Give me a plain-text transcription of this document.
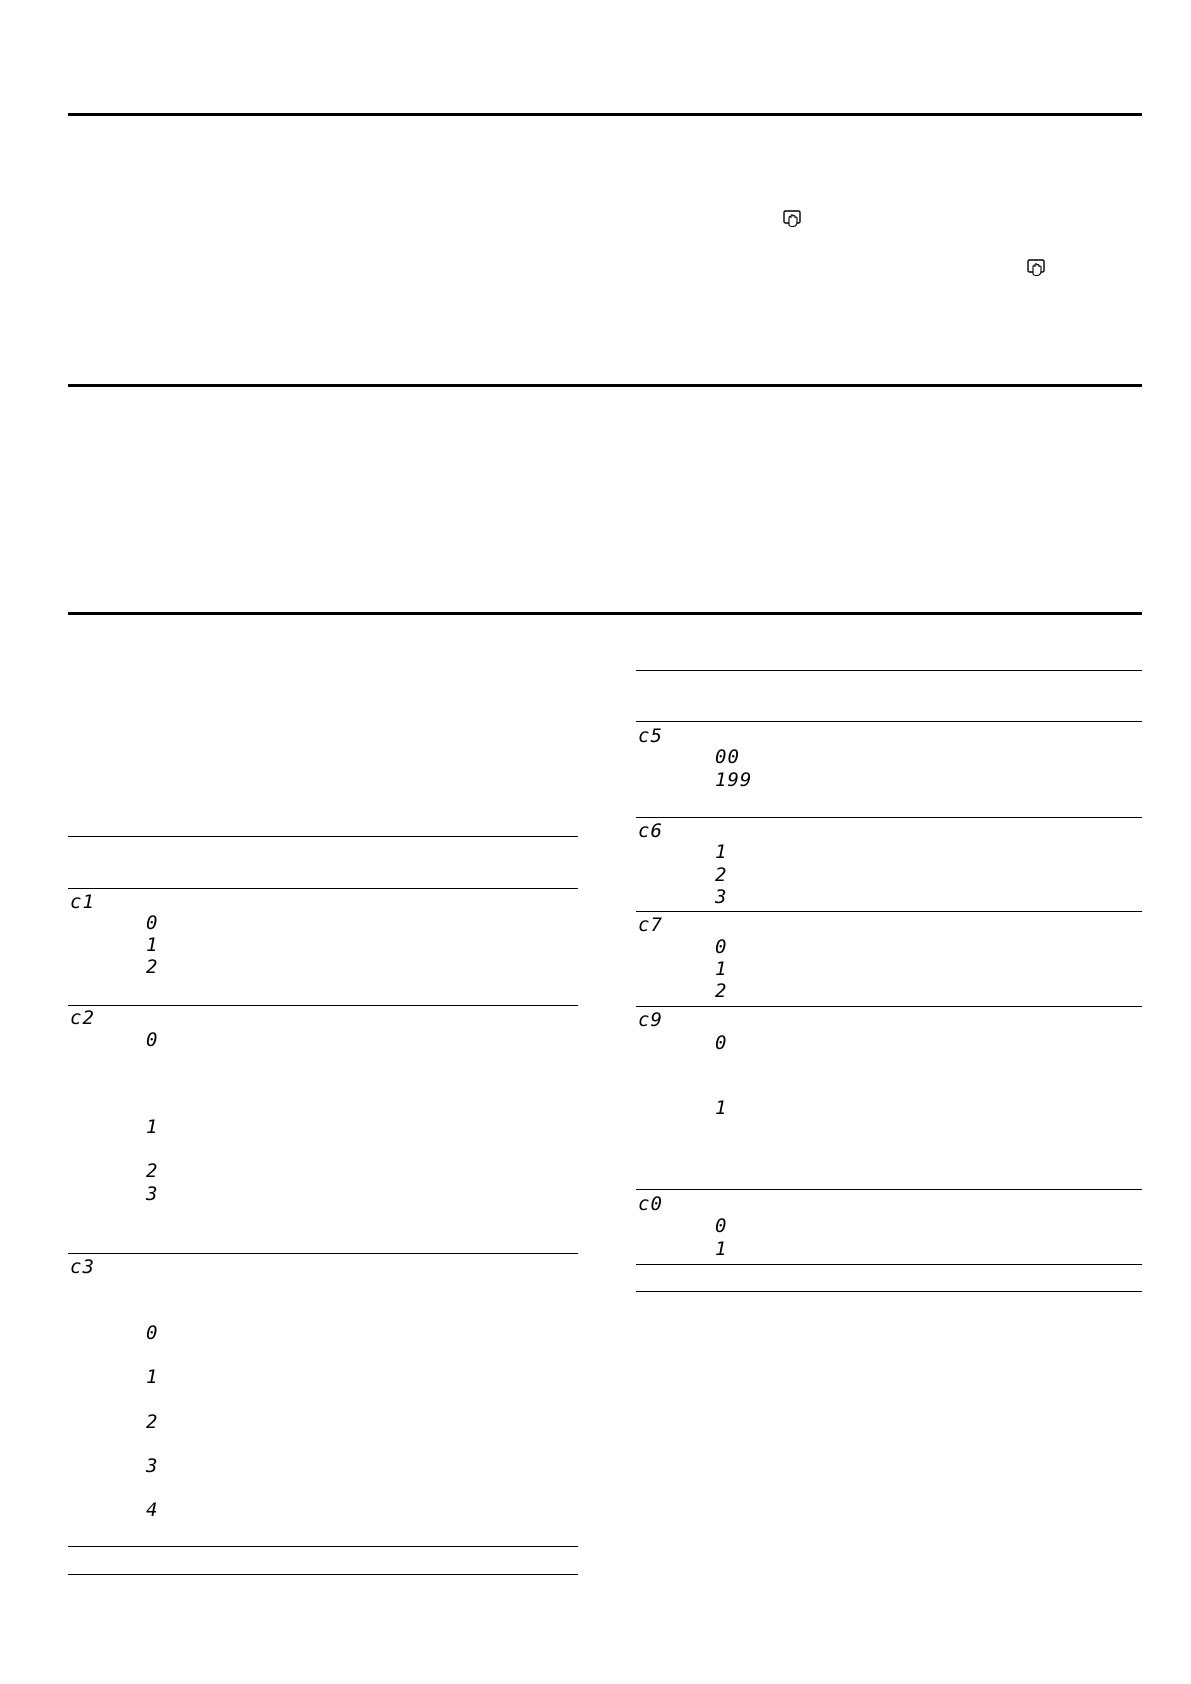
c1
0
1
2
c2
0
1
2
3
c3
0
1
2
3
4
c5
00
199
c6
1
2
3
c7
0
1
2
c9
0
1
c0
0
1
